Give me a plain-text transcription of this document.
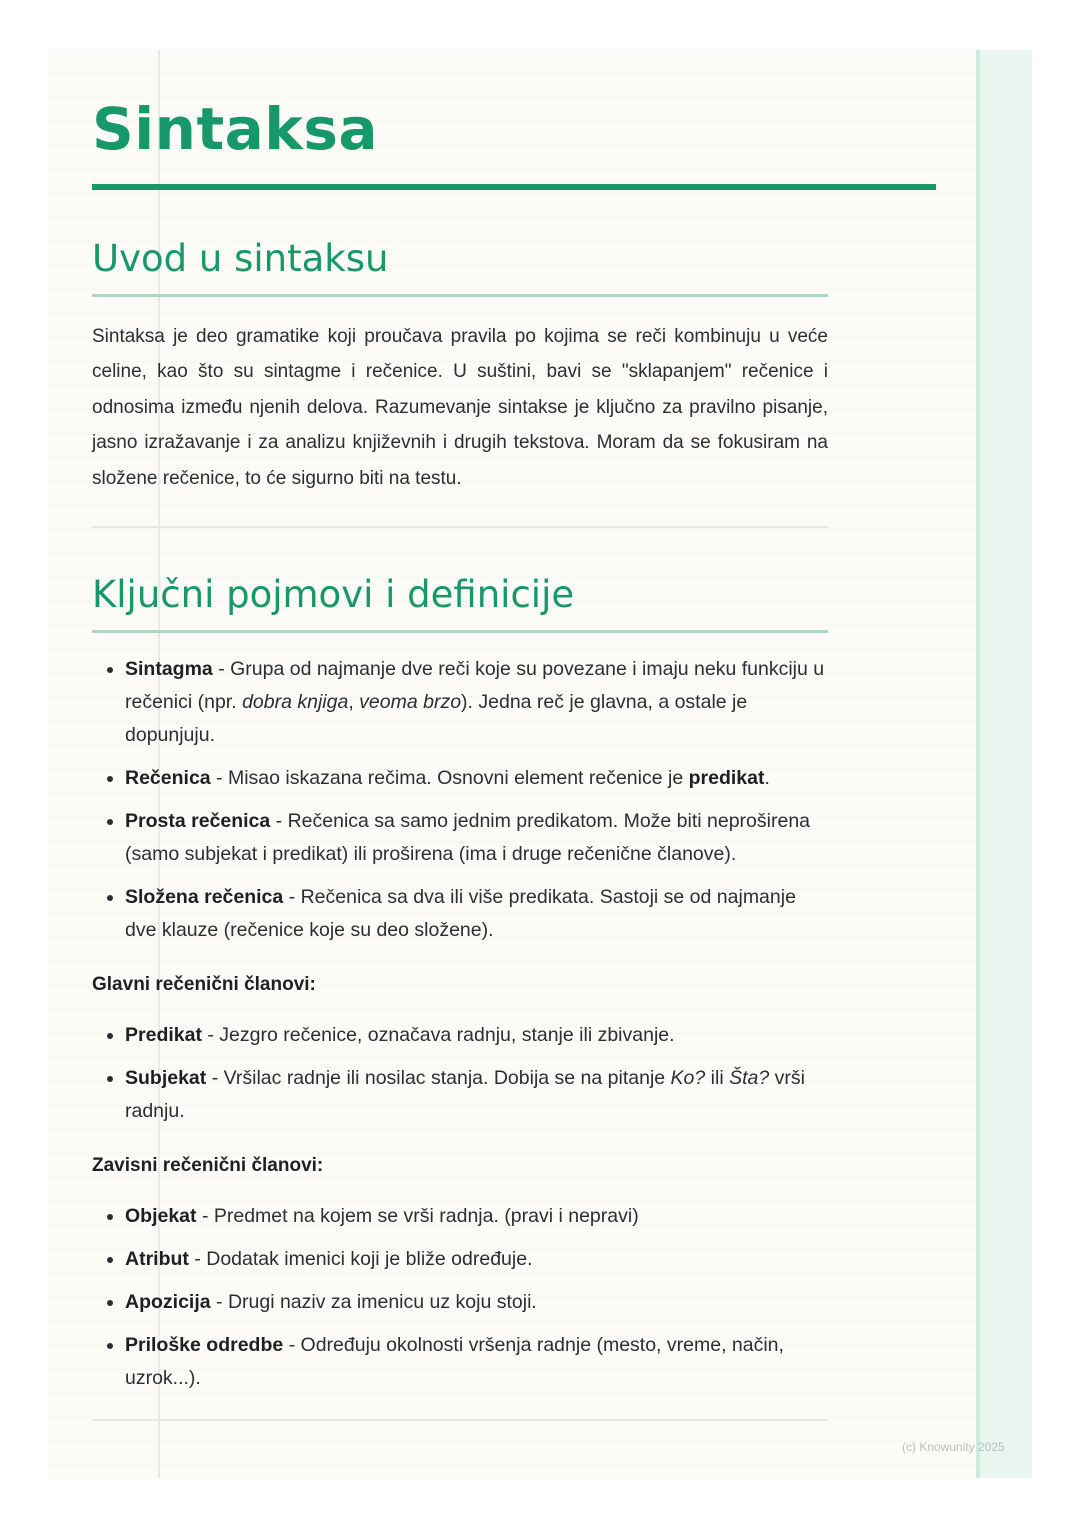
(c) Knowunity 2025
Sintaksa
Uvod u sintaksu
Sintaksa je deo gramatike koji proučava pravila po kojima se reči kombinuju u veće celine, kao što su sintagme i rečenice. U suštini, bavi se "sklapanjem" rečenice i odnosima između njenih delova. Razumevanje sintakse je ključno za pravilno pisanje, jasno izražavanje i za analizu književnih i drugih tekstova. Moram da se fokusiram na složene rečenice, to će sigurno biti na testu.
Ključni pojmovi i definicije
• Sintagma - Grupa od najmanje dve reči koje su povezane i imaju neku funkciju u rečenici (npr. dobra knjiga, veoma brzo). Jedna reč je glavna, a ostale je dopunjuju.
• Rečenica - Misao iskazana rečima. Osnovni element rečenice je predikat.
• Prosta rečenica - Rečenica sa samo jednim predikatom. Može biti neproširena (samo subjekat i predikat) ili proširena (ima i druge rečenične članove).
• Složena rečenica - Rečenica sa dva ili više predikata. Sastoji se od najmanje dve klauze (rečenice koje su deo složene).
Glavni rečenični članovi:
• Predikat - Jezgro rečenice, označava radnju, stanje ili zbivanje.
• Subjekat - Vršilac radnje ili nosilac stanja. Dobija se na pitanje Ko? ili Šta? vrši radnju.
Zavisni rečenični članovi:
• Objekat - Predmet na kojem se vrši radnja. (pravi i nepravi)
• Atribut - Dodatak imenici koji je bliže određuje.
• Apozicija - Drugi naziv za imenicu uz koju stoji.
• Priloške odredbe - Određuju okolnosti vršenja radnje (mesto, vreme, način, uzrok...).
